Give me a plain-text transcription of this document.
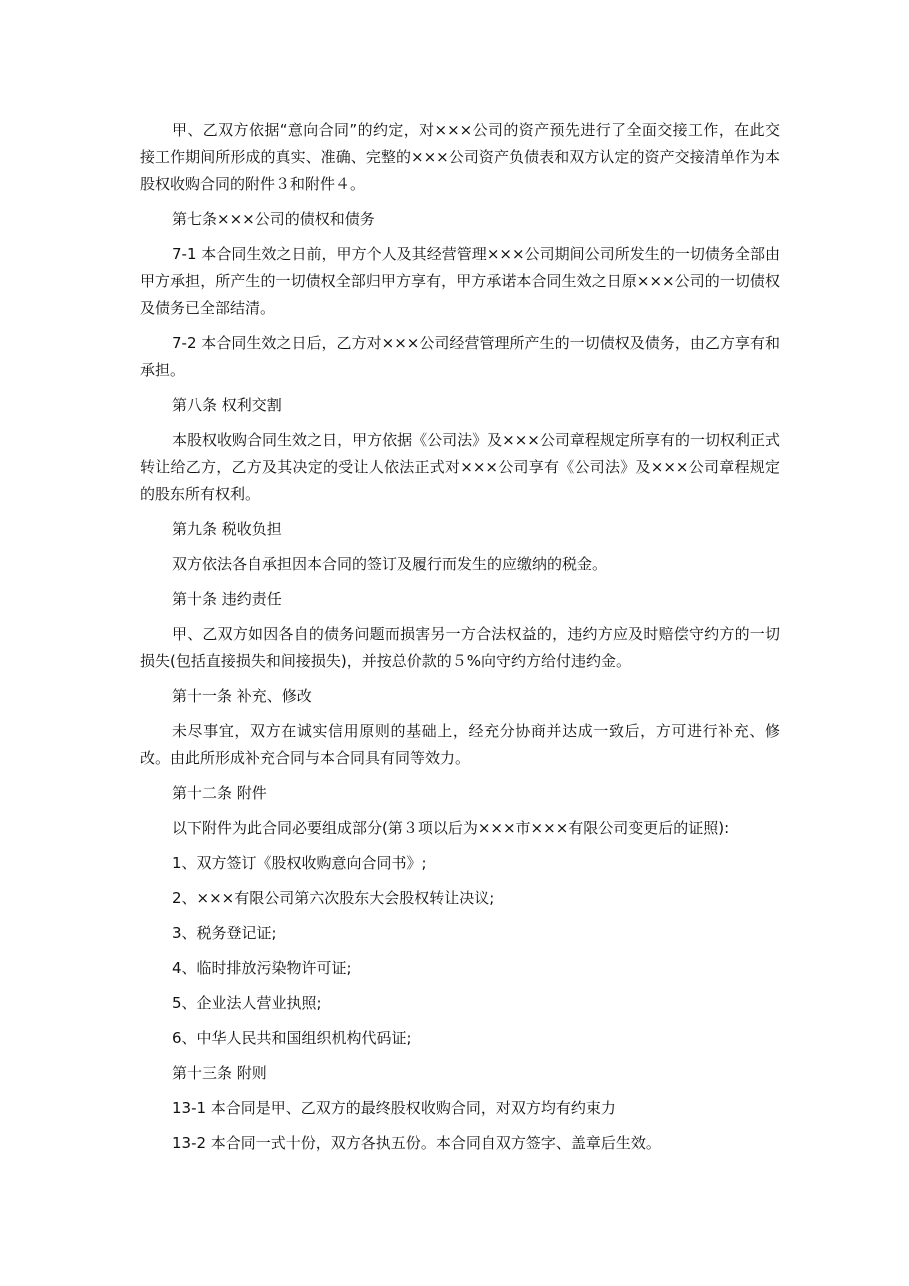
甲、乙双方依据“意向合同”的约定，对×××公司的资产预先进行了全面交接工作，在此交接工作期间所形成的真实、准确、完整的×××公司资产负债表和双方认定的资产交接清单作为本股权收购合同的附件３和附件４。

第七条×××公司的债权和债务

7-1 本合同生效之日前，甲方个人及其经营管理×××公司期间公司所发生的一切债务全部由甲方承担，所产生的一切债权全部归甲方享有，甲方承诺本合同生效之日原×××公司的一切债权及债务已全部结清。

7-2 本合同生效之日后，乙方对×××公司经营管理所产生的一切债权及债务，由乙方享有和承担。

第八条 权利交割

本股权收购合同生效之日，甲方依据《公司法》及×××公司章程规定所享有的一切权利正式转让给乙方，乙方及其决定的受让人依法正式对×××公司享有《公司法》及×××公司章程规定的股东所有权利。

第九条 税收负担

双方依法各自承担因本合同的签订及履行而发生的应缴纳的税金。

第十条 违约责任

甲、乙双方如因各自的债务问题而损害另一方合法权益的，违约方应及时赔偿守约方的一切损失(包括直接损失和间接损失)，并按总价款的５%向守约方给付违约金。

第十一条 补充、修改

未尽事宜，双方在诚实信用原则的基础上，经充分协商并达成一致后，方可进行补充、修改。由此所形成补充合同与本合同具有同等效力。

第十二条 附件

以下附件为此合同必要组成部分(第３项以后为×××市×××有限公司变更后的证照):

1、双方签订《股权收购意向合同书》;

2、×××有限公司第六次股东大会股权转让决议;

3、税务登记证;

4、临时排放污染物许可证;

5、企业法人营业执照;

6、中华人民共和国组织机构代码证;

第十三条 附则

13-1 本合同是甲、乙双方的最终股权收购合同，对双方均有约束力

13-2 本合同一式十份，双方各执五份。本合同自双方签字、盖章后生效。
